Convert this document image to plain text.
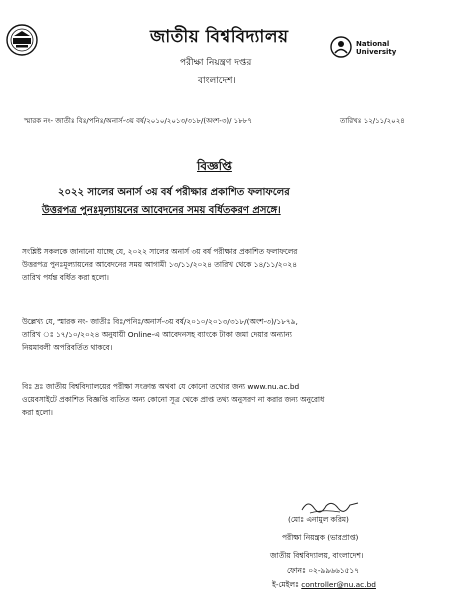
জাতীয় বিশ্ববিদ্যালয়	National
University
পরীক্ষা নিয়ন্ত্রণ দপ্তর
বাংলাদেশ।
স্মারক নং- জাতীঃ বিঃ/পনিঃ/অনার্স-৩য় বর্ষ/২০১০/২০১৩/৩১৮/(অংশ-৩)/ ১৮৮৭	তারিখঃ ১২/১১/২০২৪
বিজ্ঞপ্তি
২০২২ সালের অনার্স ৩য় বর্ষ পরীক্ষার প্রকাশিত ফলাফলের
উত্তরপত্র পুনঃমূল্যায়নের আবেদনের সময় বর্ধিতকরণ প্রসঙ্গে।
সংশ্লিষ্ট সকলকে জানানো যাচ্ছে যে, ২০২২ সালের অনার্স ৩য় বর্ষ পরীক্ষার প্রকাশিত ফলাফলের
উত্তরপত্র পুনঃমূল্যায়নের আবেদনের সময় আগামী ১৩/১১/২০২৪ তারিখ থেকে ১৪/১১/২০২৪
তারিখ পর্যন্ত বর্ধিত করা হলো।
উল্লেখ্য যে, স্মারক নং- জাতীঃ বিঃ/পনিঃ/অনার্স-৩য় বর্ষ/২০১০/২০১৩/৩১৮/(অংশ-৩)/১৮৭৯,
তারিখ ঃ ১৭/১০/২০২৪ অনুযায়ী Online-এ আবেদনসহ ব্যাংকে টাকা জমা দেয়ার অন্যান্য
নিয়মাবলী অপরিবর্তিত থাকবে।
বিঃ দ্রঃ জাতীয় বিশ্ববিদ্যালয়ের পরীক্ষা সংক্রান্ত অথবা যে কোনো তথ্যের জন্য www.nu.ac.bd
ওয়েবসাইটে প্রকাশিত বিজ্ঞপ্তি ব্যতিত অন্য কোনো সূত্র থেকে প্রাপ্ত তথ্য অনুসরণ না করার জন্য অনুরোধ
করা হলো।
(মোঃ এনামুল করিম)
পরীক্ষা নিয়ন্ত্রক (ভারপ্রাপ্ত)
জাতীয় বিশ্ববিদ্যালয়, বাংলাদেশ।
ফোনঃ ০২-৯৯৬৬১৫১৭
ই-মেইলঃ controller@nu.ac.bd
